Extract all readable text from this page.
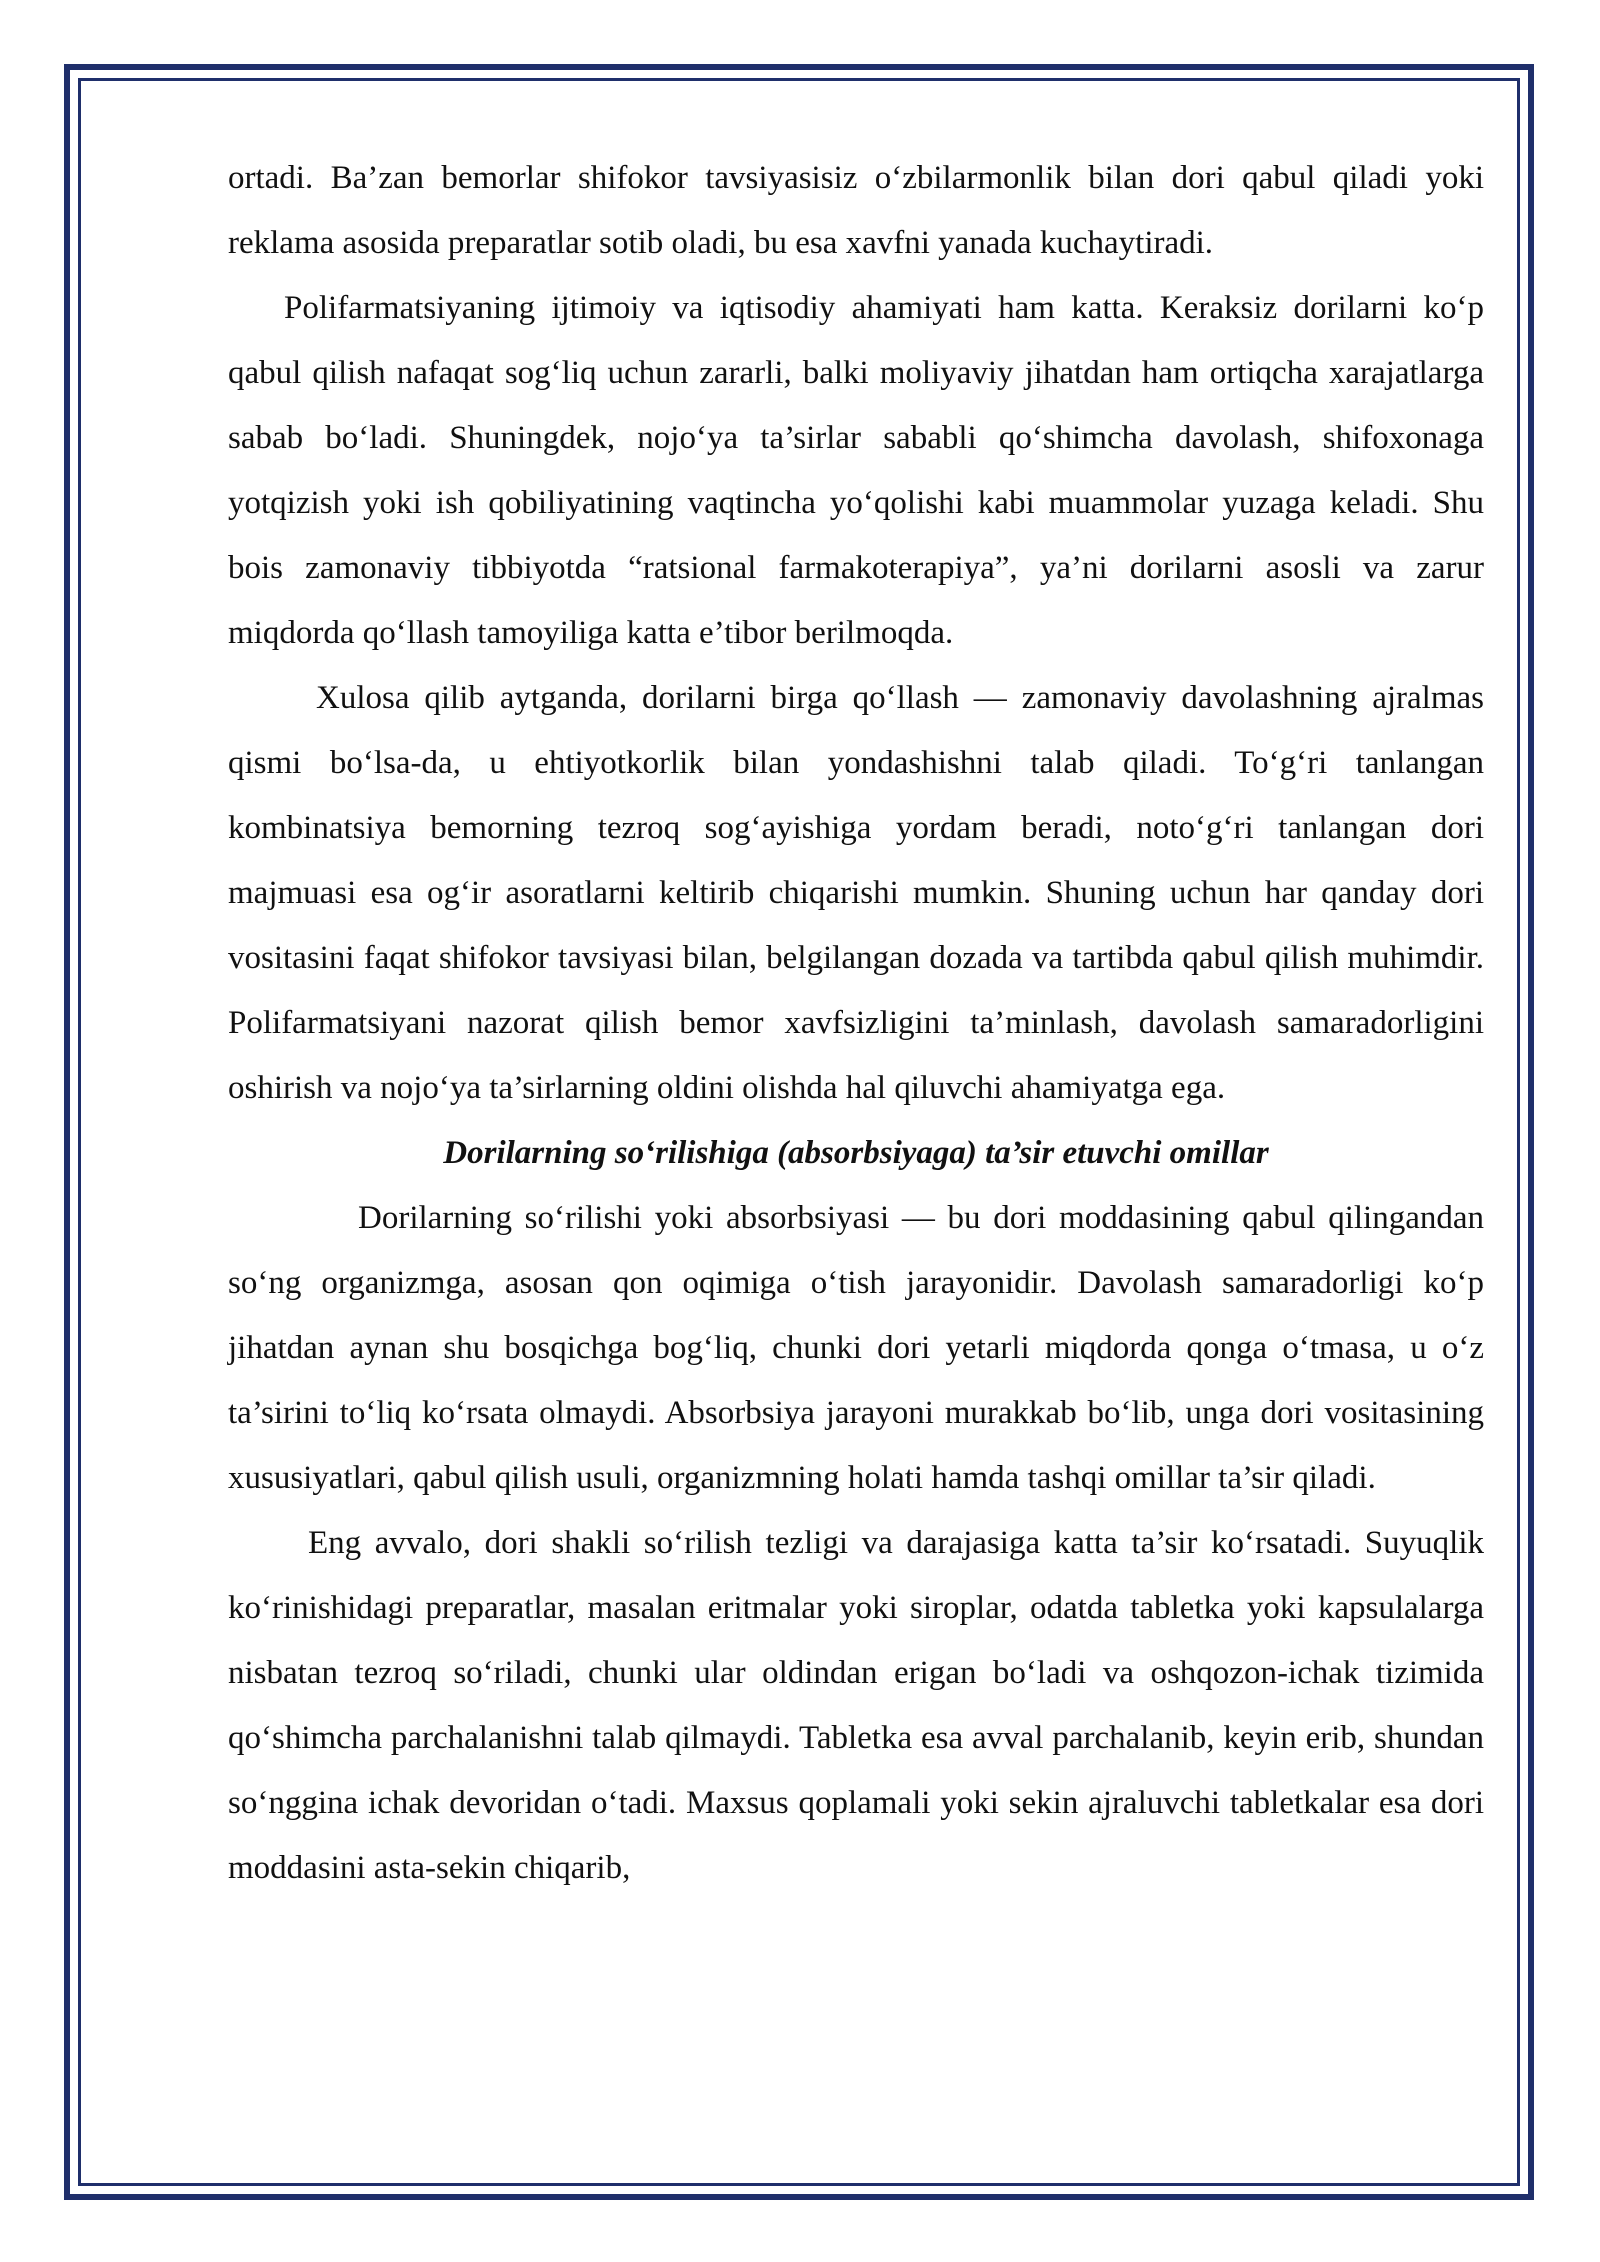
ortadi. Ba’zan bemorlar shifokor tavsiyasisiz o‘zbilarmonlik bilan dori qabul qiladi yoki reklama asosida preparatlar sotib oladi, bu esa xavfni yanada kuchaytiradi.

Polifarmatsiyaning ijtimoiy va iqtisodiy ahamiyati ham katta. Keraksiz dorilarni ko‘p qabul qilish nafaqat sog‘liq uchun zararli, balki moliyaviy jihatdan ham ortiqcha xarajatlarga sabab bo‘ladi. Shuningdek, nojo‘ya ta’sirlar sababli qo‘shimcha davolash, shifoxonaga yotqizish yoki ish qobiliyatining vaqtincha yo‘qolishi kabi muammolar yuzaga keladi. Shu bois zamonaviy tibbiyotda “ratsional farmakoterapiya”, ya’ni dorilarni asosli va zarur miqdorda qo‘llash tamoyiliga katta e’tibor berilmoqda.

Xulosa qilib aytganda, dorilarni birga qo‘llash — zamonaviy davolashning ajralmas qismi bo‘lsa-da, u ehtiyotkorlik bilan yondashishni talab qiladi. To‘g‘ri tanlangan kombinatsiya bemorning tezroq sog‘ayishiga yordam beradi, noto‘g‘ri tanlangan dori majmuasi esa og‘ir asoratlarni keltirib chiqarishi mumkin. Shuning uchun har qanday dori vositasini faqat shifokor tavsiyasi bilan, belgilangan dozada va tartibda qabul qilish muhimdir. Polifarmatsiyani nazorat qilish bemor xavfsizligini ta’minlash, davolash samaradorligini oshirish va nojo‘ya ta’sirlarning oldini olishda hal qiluvchi ahamiyatga ega.

Dorilarning so‘rilishiga (absorbsiyaga) ta’sir etuvchi omillar

Dorilarning so‘rilishi yoki absorbsiyasi — bu dori moddasining qabul qilingandan so‘ng organizmga, asosan qon oqimiga o‘tish jarayonidir. Davolash samaradorligi ko‘p jihatdan aynan shu bosqichga bog‘liq, chunki dori yetarli miqdorda qonga o‘tmasa, u o‘z ta’sirini to‘liq ko‘rsata olmaydi. Absorbsiya jarayoni murakkab bo‘lib, unga dori vositasining xususiyatlari, qabul qilish usuli, organizmning holati hamda tashqi omillar ta’sir qiladi.

Eng avvalo, dori shakli so‘rilish tezligi va darajasiga katta ta’sir ko‘rsatadi. Suyuqlik ko‘rinishidagi preparatlar, masalan eritmalar yoki siroplar, odatda tabletka yoki kapsulalarga nisbatan tezroq so‘riladi, chunki ular oldindan erigan bo‘ladi va oshqozon-ichak tizimida qo‘shimcha parchalanishni talab qilmaydi. Tabletka esa avval parchalanib, keyin erib, shundan so‘nggina ichak devoridan o‘tadi. Maxsus qoplamali yoki sekin ajraluvchi tabletkalar esa dori moddasini asta-sekin chiqarib,
